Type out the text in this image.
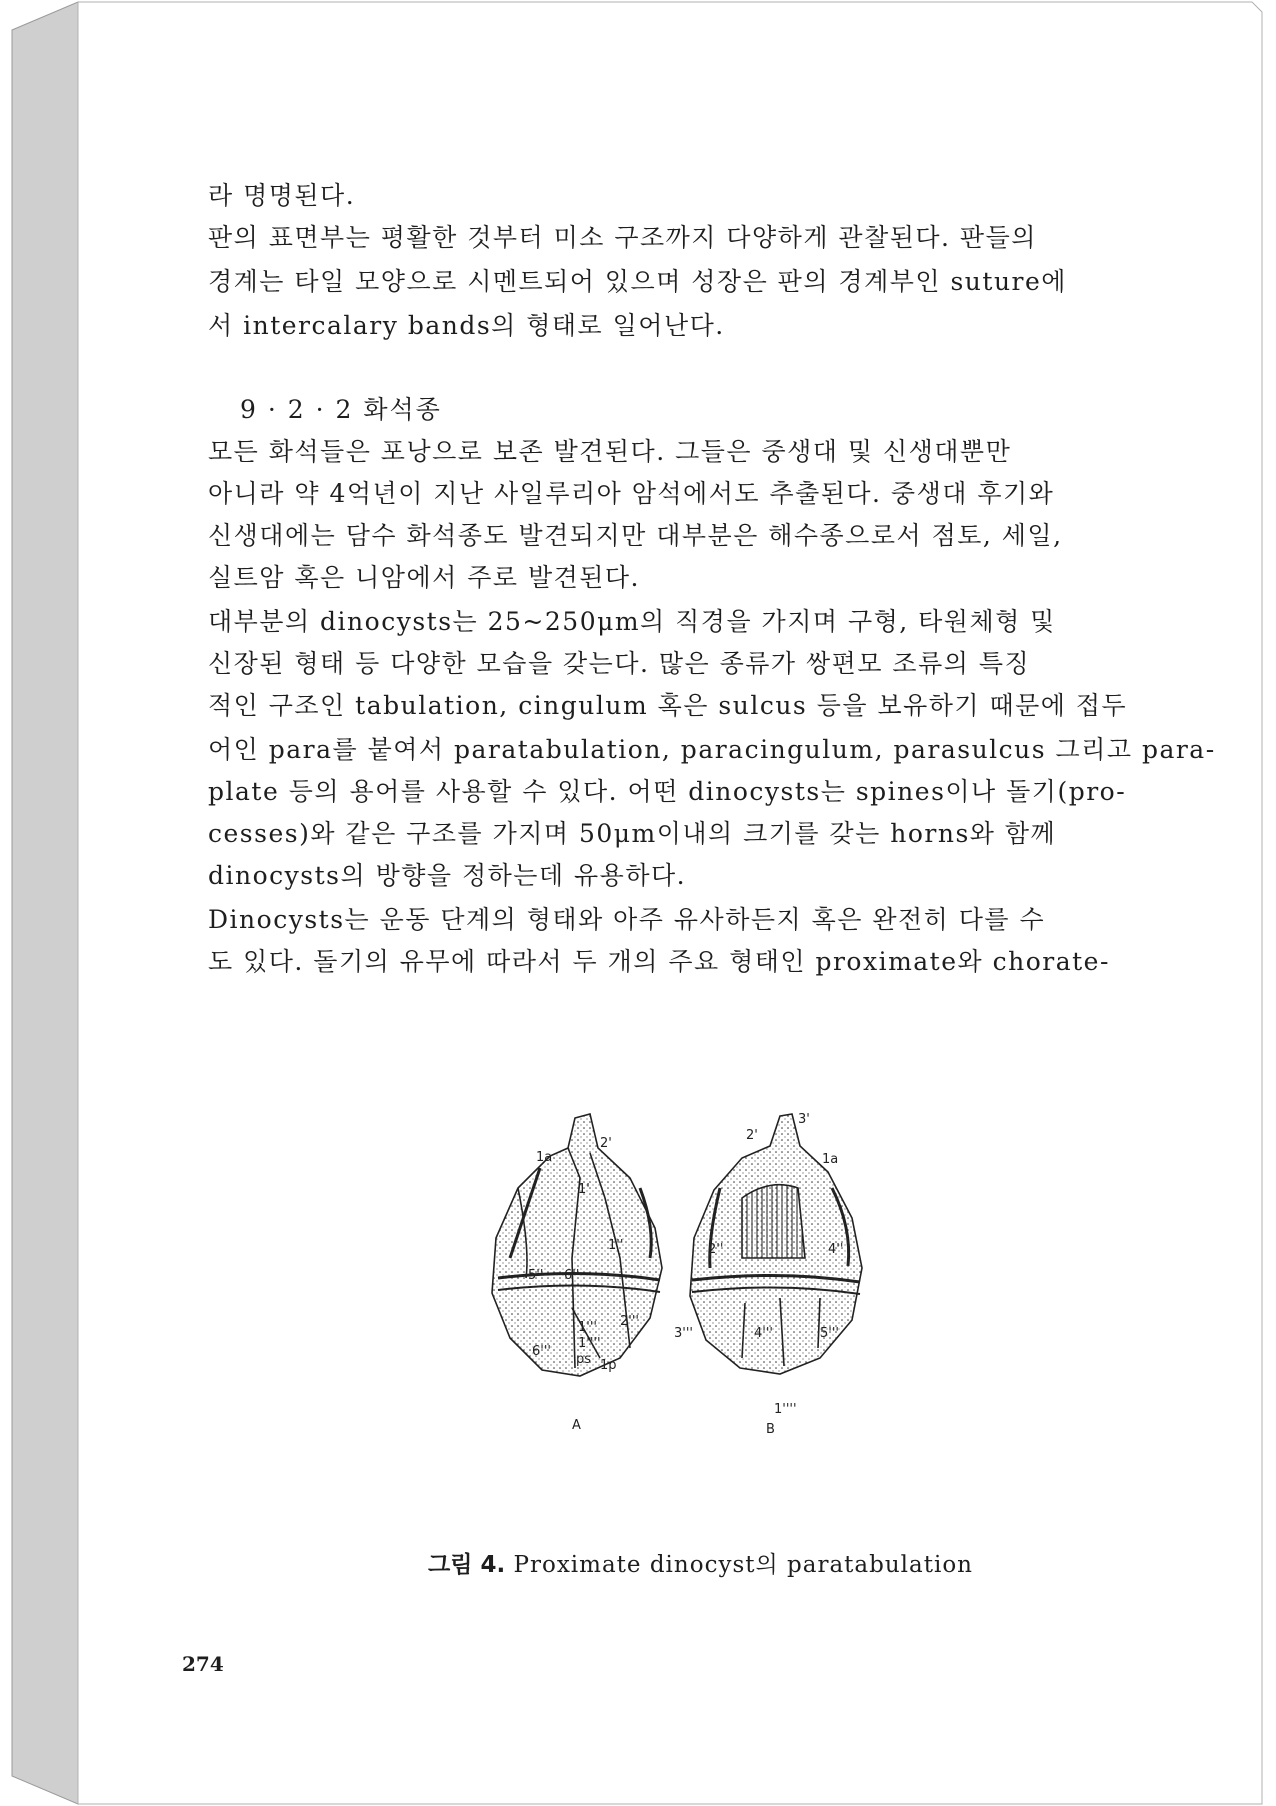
라 명명된다.
판의 표면부는 평활한 것부터 미소 구조까지 다양하게 관찰된다. 판들의
경계는 타일 모양으로 시멘트되어 있으며 성장은 판의 경계부인 suture에
서 intercalary bands의 형태로 일어난다.
9 · 2 · 2 화석종
모든 화석들은 포낭으로 보존 발견된다. 그들은 중생대 및 신생대뿐만
아니라 약 4억년이 지난 사일루리아 암석에서도 추출된다. 중생대 후기와
신생대에는 담수 화석종도 발견되지만 대부분은 해수종으로서 점토, 세일,
실트암 혹은 니암에서 주로 발견된다.
대부분의 dinocysts는 25~250μm의 직경을 가지며 구형, 타원체형 및
신장된 형태 등 다양한 모습을 갖는다. 많은 종류가 쌍편모 조류의 특징
적인 구조인 tabulation, cingulum 혹은 sulcus 등을 보유하기 때문에 접두
어인 para를 붙여서 paratabulation, paracingulum, parasulcus 그리고 para-
plate 등의 용어를 사용할 수 있다. 어떤 dinocysts는 spines이나 돌기(pro-
cesses)와 같은 구조를 가지며 50μm이내의 크기를 갖는 horns와 함께
dinocysts의 방향을 정하는데 유용하다.
Dinocysts는 운동 단계의 형태와 아주 유사하든지 혹은 완전히 다를 수
도 있다. 돌기의 유무에 따라서 두 개의 주요 형태인 proximate와 chorate-
1a
2'
1'
1''
5'' 6''
2'''
6'''
1''''
1'''
ps 1p
A
2'
3'
1a
2''	4''
3'''	4'''	5'''
1''''
B
그림 4. Proximate dinocyst의 paratabulation
274
